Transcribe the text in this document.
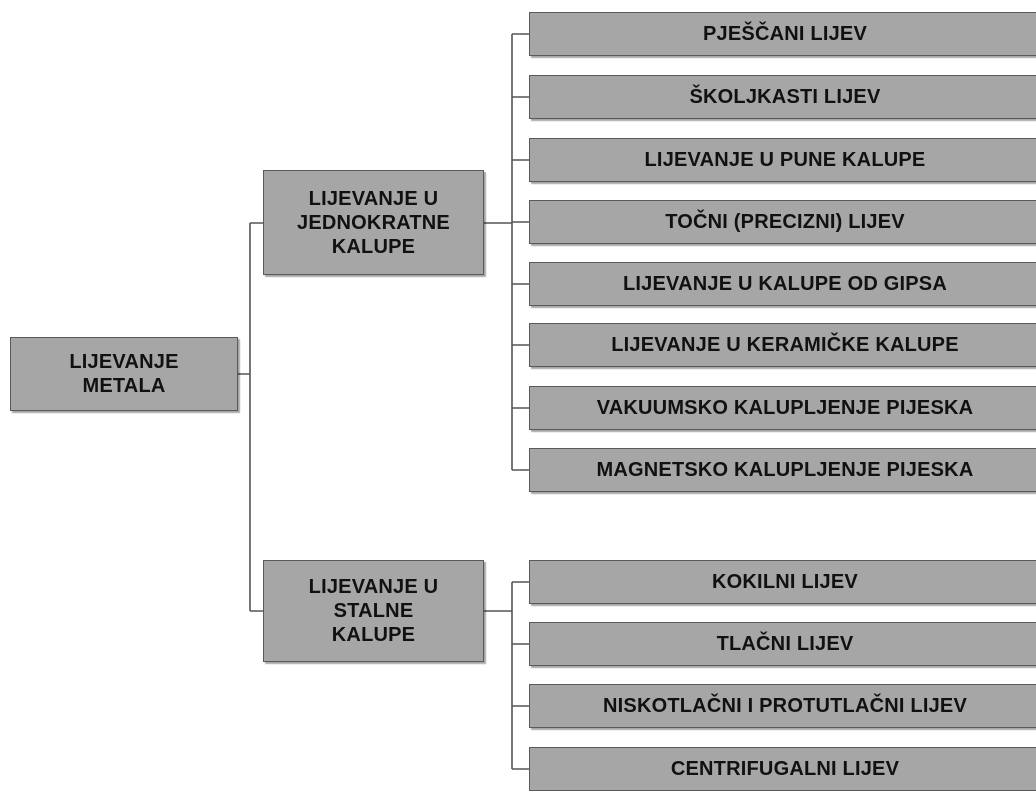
LIJEVANJE
METALA
LIJEVANJE U
JEDNOKRATNE
KALUPE
LIJEVANJE U
STALNE
KALUPE
PJEŠČANI LIJEV
ŠKOLJKASTI LIJEV
LIJEVANJE U PUNE KALUPE
TOČNI (PRECIZNI) LIJEV
LIJEVANJE U KALUPE OD GIPSA
LIJEVANJE U KERAMIČKE KALUPE
VAKUUMSKO KALUPLJENJE PIJESKA
MAGNETSKO KALUPLJENJE PIJESKA
KOKILNI LIJEV
TLAČNI LIJEV
NISKOTLAČNI I PROTUTLAČNI LIJEV
CENTRIFUGALNI LIJEV
